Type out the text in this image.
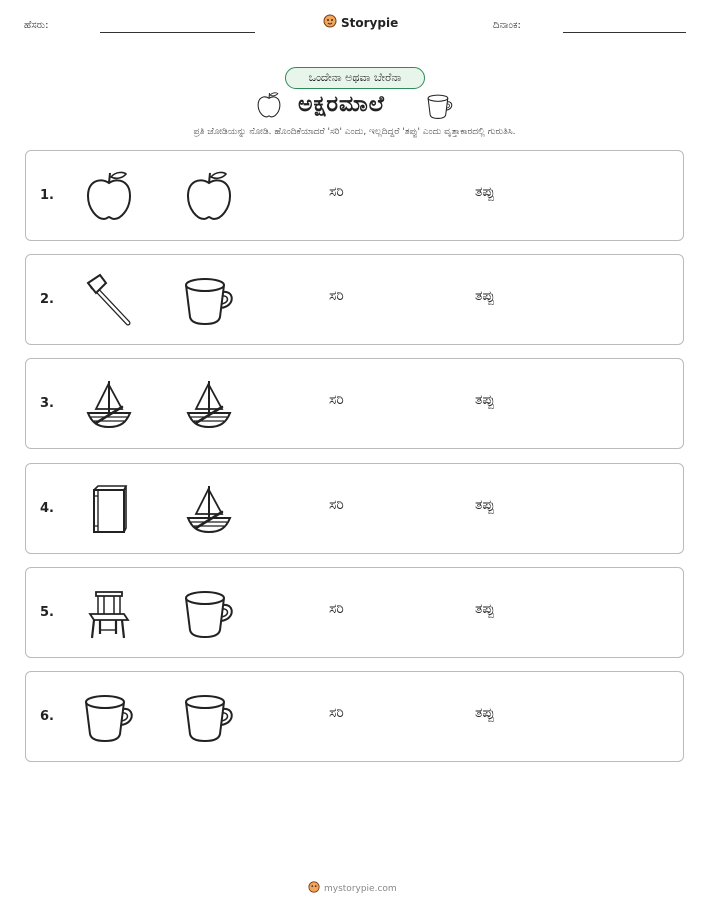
ಹೆಸರು:	Storypie	ದಿನಾಂಕ:
ಒಂದೇನಾ ಅಥವಾ ಬೇರೆನಾ
ಅಕ್ಷರಮಾಲೆ
ಪ್ರತಿ ಜೋಡಿಯನ್ನು ನೋಡಿ. ಹೊಂದಿಕೆಯಾದರೆ 'ಸರಿ' ಎಂದು, ಇಲ್ಲದಿದ್ದರೆ 'ತಪ್ಪು' ಎಂದು ವೃತ್ತಾಕಾರದಲ್ಲಿ ಗುರುತಿಸಿ.
1.	ಸರಿ	ತಪ್ಪು
2.	ಸರಿ	ತಪ್ಪು
3.	ಸರಿ	ತಪ್ಪು
4.	ಸರಿ	ತಪ್ಪು
5.	ಸರಿ	ತಪ್ಪು
6.	ಸರಿ	ತಪ್ಪು
mystorypie.com
